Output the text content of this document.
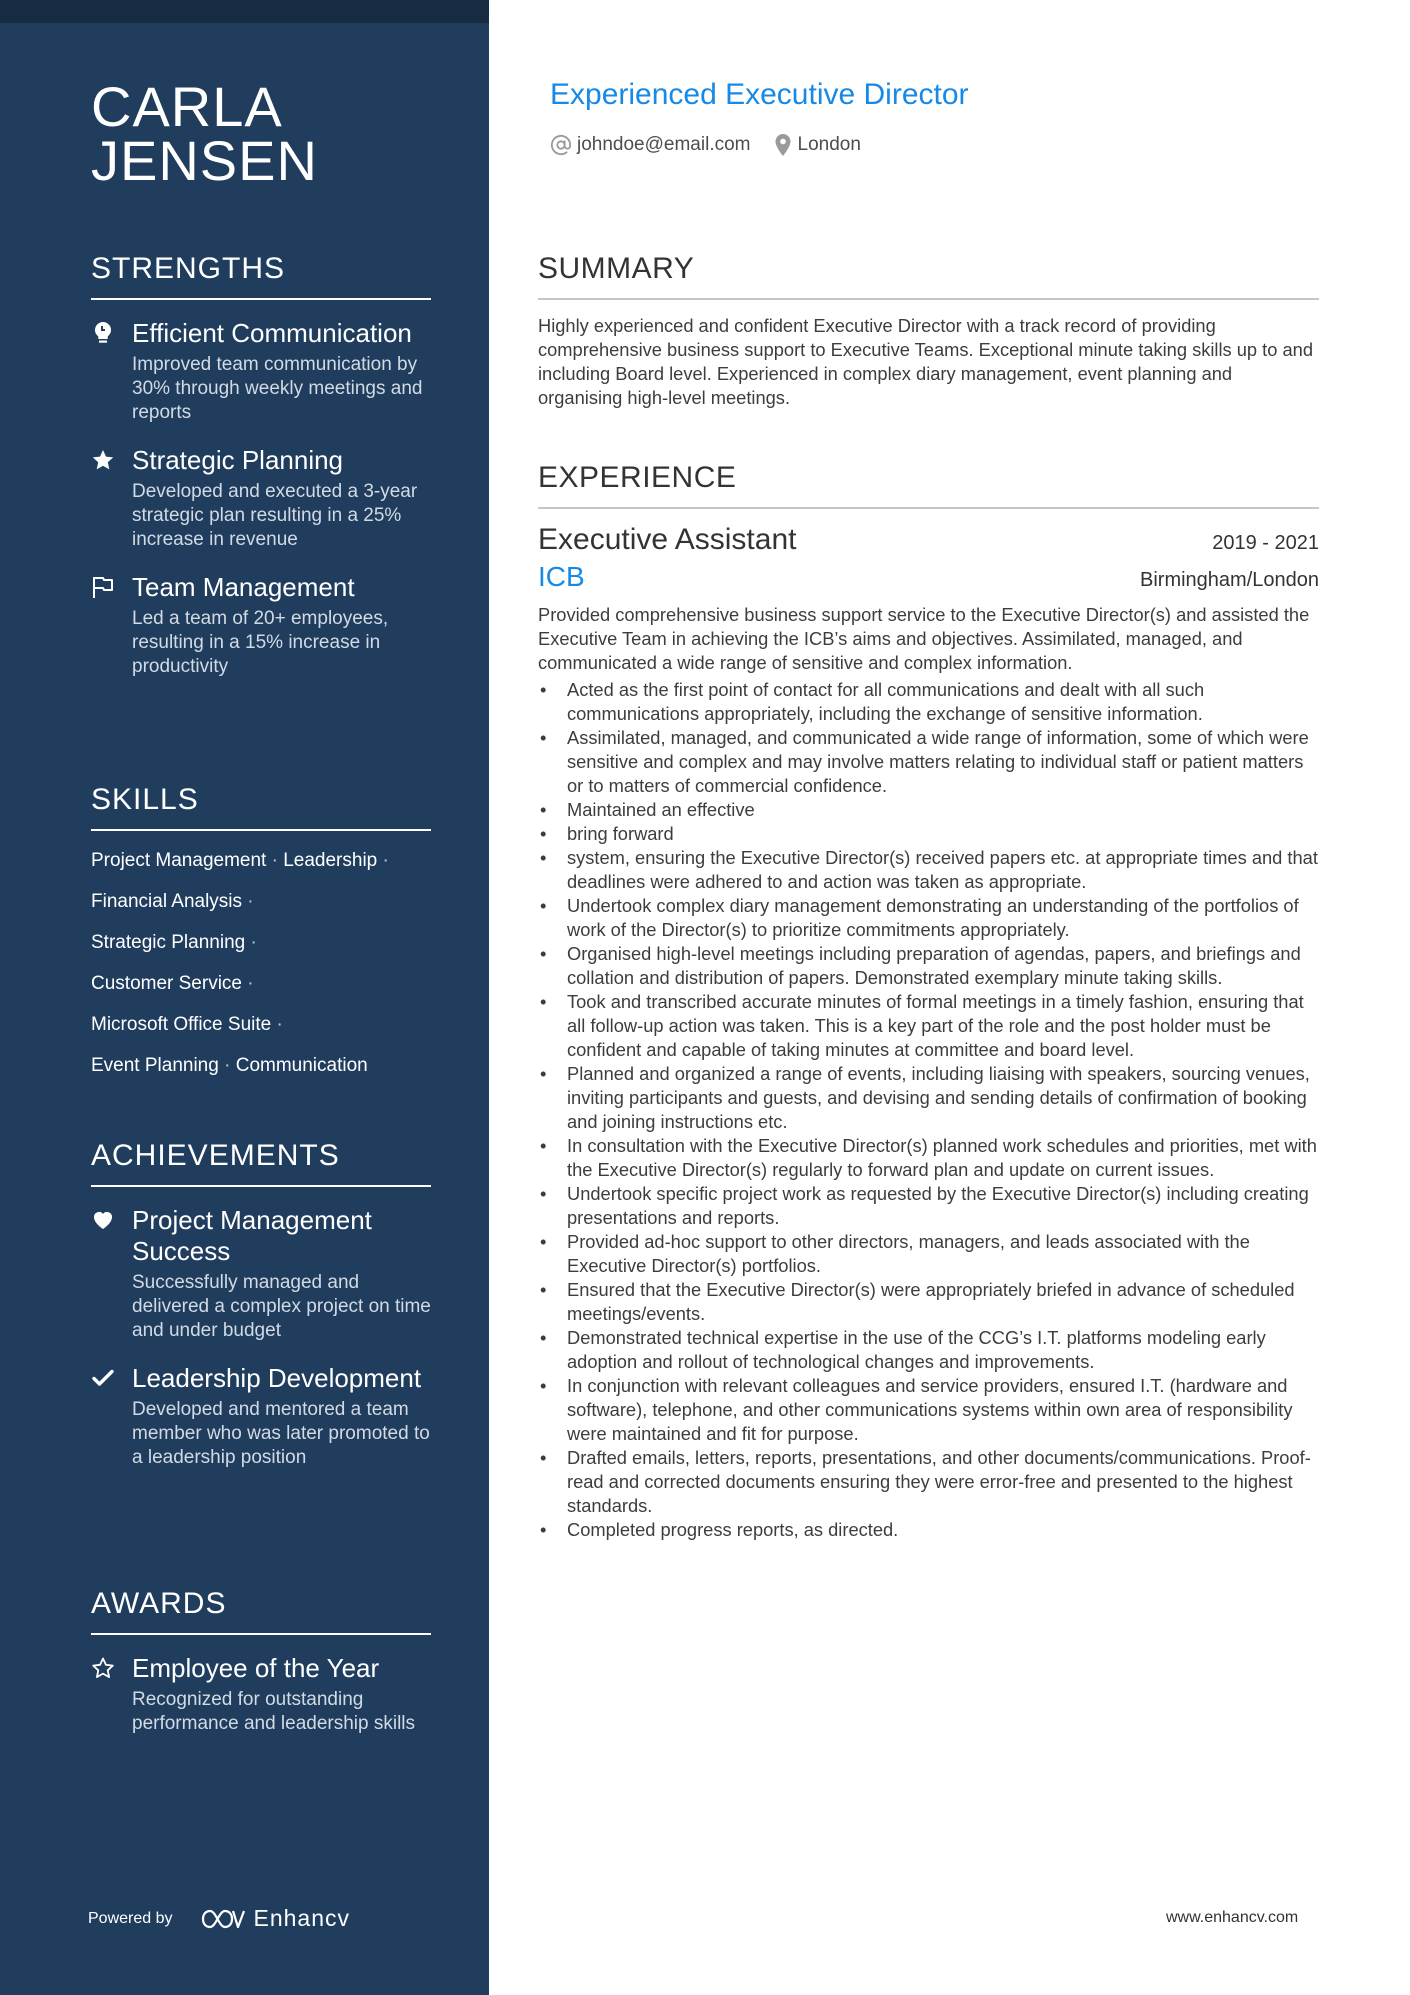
CARLA
JENSEN
STRENGTHS
Efficient Communication
Improved team communication by 30% through weekly meetings and reports
Strategic Planning
Developed and executed a 3-year strategic plan resulting in a 25% increase in revenue
Team Management
Led a team of 20+ employees, resulting in a 15% increase in productivity
SKILLS
Project Management · Leadership ·
Financial Analysis ·
Strategic Planning ·
Customer Service ·
Microsoft Office Suite ·
Event Planning · Communication
ACHIEVEMENTS
Project Management Success
Successfully managed and delivered a complex project on time and under budget
Leadership Development
Developed and mentored a team member who was later promoted to a leadership position
AWARDS
Employee of the Year
Recognized for outstanding performance and leadership skills
Powered by	Enhancv
Experienced Executive Director
johndoe@email.com London
SUMMARY
Highly experienced and confident Executive Director with a track record of providing comprehensive business support to Executive Teams. Exceptional minute taking skills up to and including Board level. Experienced in complex diary management, event planning and organising high-level meetings.
EXPERIENCE
Executive Assistant	2019 - 2021
ICB	Birmingham/London
Provided comprehensive business support service to the Executive Director(s) and assisted the Executive Team in achieving the ICB’s aims and objectives. Assimilated, managed, and communicated a wide range of sensitive and complex information.
• Acted as the first point of contact for all communications and dealt with all such communications appropriately, including the exchange of sensitive information.
• Assimilated, managed, and communicated a wide range of information, some of which were sensitive and complex and may involve matters relating to individual staff or patient matters or to matters of commercial confidence.
• Maintained an effective
• bring forward
• system, ensuring the Executive Director(s) received papers etc. at appropriate times and that deadlines were adhered to and action was taken as appropriate.
• Undertook complex diary management demonstrating an understanding of the portfolios of work of the Director(s) to prioritize commitments appropriately.
• Organised high-level meetings including preparation of agendas, papers, and briefings and collation and distribution of papers. Demonstrated exemplary minute taking skills.
• Took and transcribed accurate minutes of formal meetings in a timely fashion, ensuring that all follow-up action was taken. This is a key part of the role and the post holder must be confident and capable of taking minutes at committee and board level.
• Planned and organized a range of events, including liaising with speakers, sourcing venues, inviting participants and guests, and devising and sending details of confirmation of booking and joining instructions etc.
• In consultation with the Executive Director(s) planned work schedules and priorities, met with the Executive Director(s) regularly to forward plan and update on current issues.
• Undertook specific project work as requested by the Executive Director(s) including creating presentations and reports.
• Provided ad-hoc support to other directors, managers, and leads associated with the Executive Director(s) portfolios.
• Ensured that the Executive Director(s) were appropriately briefed in advance of scheduled meetings/events.
• Demonstrated technical expertise in the use of the CCG’s I.T. platforms modeling early adoption and rollout of technological changes and improvements.
• In conjunction with relevant colleagues and service providers, ensured I.T. (hardware and software), telephone, and other communications systems within own area of responsibility were maintained and fit for purpose.
• Drafted emails, letters, reports, presentations, and other documents/communications. Proof-read and corrected documents ensuring they were error-free and presented to the highest standards.
• Completed progress reports, as directed.
www.enhancv.com
